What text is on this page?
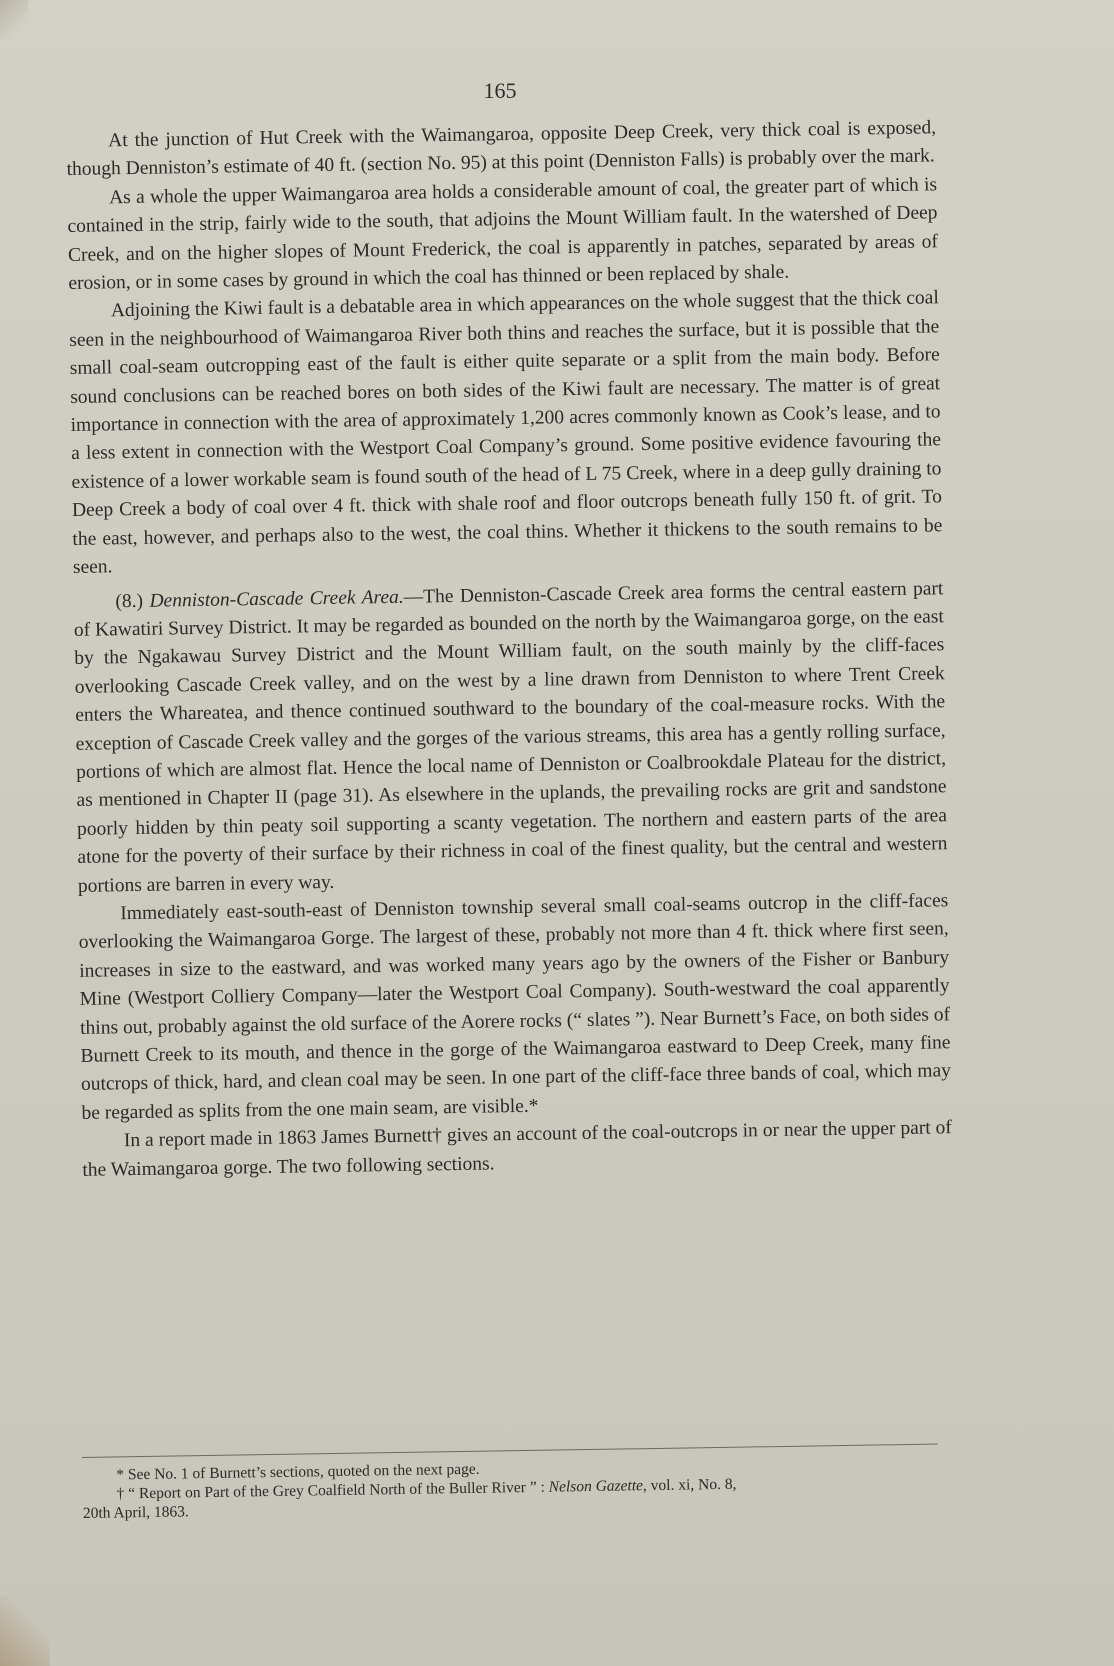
165

At the junction of Hut Creek with the Waimangaroa, opposite Deep Creek, very thick coal is exposed, though Denniston’s estimate of 40 ft. (section No. 95) at this point (Denniston Falls) is probably over the mark.

As a whole the upper Waimangaroa area holds a considerable amount of coal, the greater part of which is contained in the strip, fairly wide to the south, that adjoins the Mount William fault. In the watershed of Deep Creek, and on the higher slopes of Mount Frederick, the coal is apparently in patches, separated by areas of erosion, or in some cases by ground in which the coal has thinned or been replaced by shale.

Adjoining the Kiwi fault is a debatable area in which appearances on the whole suggest that the thick coal seen in the neighbourhood of Waimangaroa River both thins and reaches the surface, but it is possible that the small coal-seam outcropping east of the fault is either quite separate or a split from the main body. Before sound conclusions can be reached bores on both sides of the Kiwi fault are necessary. The matter is of great importance in connection with the area of approximately 1,200 acres commonly known as Cook’s lease, and to a less extent in connection with the Westport Coal Company’s ground. Some positive evidence favouring the existence of a lower workable seam is found south of the head of L 75 Creek, where in a deep gully draining to Deep Creek a body of coal over 4 ft. thick with shale roof and floor outcrops beneath fully 150 ft. of grit. To the east, however, and perhaps also to the west, the coal thins. Whether it thickens to the south remains to be seen.

(8.) Denniston-Cascade Creek Area.—The Denniston-Cascade Creek area forms the central eastern part of Kawatiri Survey District. It may be regarded as bounded on the north by the Waimangaroa gorge, on the east by the Ngakawau Survey District and the Mount William fault, on the south mainly by the cliff-faces overlooking Cascade Creek valley, and on the west by a line drawn from Denniston to where Trent Creek enters the Whareatea, and thence continued southward to the boundary of the coal-measure rocks. With the exception of Cascade Creek valley and the gorges of the various streams, this area has a gently rolling surface, portions of which are almost flat. Hence the local name of Denniston or Coalbrookdale Plateau for the district, as mentioned in Chapter II (page 31). As elsewhere in the uplands, the prevailing rocks are grit and sandstone poorly hidden by thin peaty soil supporting a scanty vegetation. The northern and eastern parts of the area atone for the poverty of their surface by their richness in coal of the finest quality, but the central and western portions are barren in every way.

Immediately east-south-east of Denniston township several small coal-seams outcrop in the cliff-faces overlooking the Waimangaroa Gorge. The largest of these, probably not more than 4 ft. thick where first seen, increases in size to the eastward, and was worked many years ago by the owners of the Fisher or Banbury Mine (Westport Colliery Company—later the Westport Coal Company). South-westward the coal apparently thins out, probably against the old surface of the Aorere rocks (“ slates ”). Near Burnett’s Face, on both sides of Burnett Creek to its mouth, and thence in the gorge of the Waimangaroa eastward to Deep Creek, many fine outcrops of thick, hard, and clean coal may be seen. In one part of the cliff-face three bands of coal, which may be regarded as splits from the one main seam, are visible.*

In a report made in 1863 James Burnett† gives an account of the coal-outcrops in or near the upper part of the Waimangaroa gorge. The two following sections.

* See No. 1 of Burnett’s sections, quoted on the next page.

† “ Report on Part of the Grey Coalfield North of the Buller River ” : Nelson Gazette, vol. xi, No. 8,

20th April, 1863.
